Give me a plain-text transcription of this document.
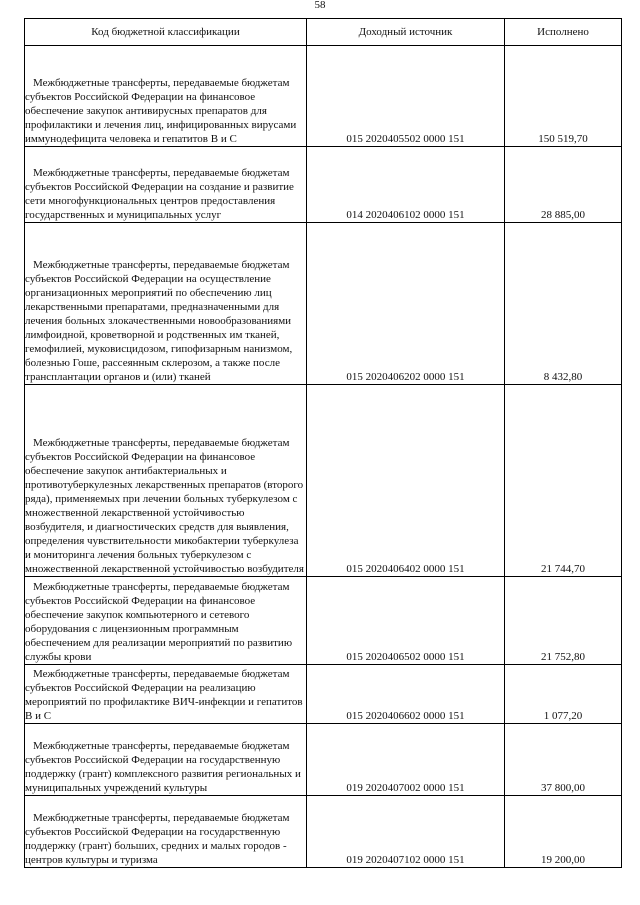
58
Код бюджетной классификации	Доходный источник	Исполнено

Межбюджетные трансферты, передаваемые бюджетам субъектов Российской Федерации на финансовое обеспечение закупок антивирусных препаратов для профилактики и лечения лиц, инфицированных вирусами иммунодефицита человека и гепатитов В и С	015 2020405502 0000 151	150 519,70

Межбюджетные трансферты, передаваемые бюджетам субъектов Российской Федерации на создание и развитие сети многофункциональных центров предоставления государственных и муниципальных услуг	014 2020406102 0000 151	28 885,00

Межбюджетные трансферты, передаваемые бюджетам субъектов Российской Федерации на осуществление организационных мероприятий по обеспечению лиц лекарственными препаратами, предназначенными для лечения больных злокачественными новообразованиями лимфоидной, кроветворной и родственных им тканей, гемофилией, муковисцидозом, гипофизарным нанизмом, болезнью Гоше, рассеянным склерозом, а также после трансплантации органов и (или) тканей	015 2020406202 0000 151	8 432,80

Межбюджетные трансферты, передаваемые бюджетам субъектов Российской Федерации на финансовое обеспечение закупок антибактериальных и противотуберкулезных лекарственных препаратов (второго ряда), применяемых при лечении больных туберкулезом с множественной лекарственной устойчивостью возбудителя, и диагностических средств для выявления, определения чувствительности микобактерии туберкулеза и мониторинга лечения больных туберкулезом с множественной лекарственной устойчивостью возбудителя	015 2020406402 0000 151	21 744,70

Межбюджетные трансферты, передаваемые бюджетам субъектов Российской Федерации на финансовое обеспечение закупок компьютерного и сетевого оборудования с лицензионным программным обеспечением для реализации мероприятий по развитию службы крови	015 2020406502 0000 151	21 752,80

Межбюджетные трансферты, передаваемые бюджетам субъектов Российской Федерации на реализацию мероприятий по профилактике ВИЧ-инфекции и гепатитов В и С	015 2020406602 0000 151	1 077,20

Межбюджетные трансферты, передаваемые бюджетам субъектов Российской Федерации на государственную поддержку (грант) комплексного развития региональных и муниципальных учреждений культуры	019 2020407002 0000 151	37 800,00

Межбюджетные трансферты, передаваемые бюджетам субъектов Российской Федерации на государственную поддержку (грант) больших, средних и малых городов - центров культуры и туризма	019 2020407102 0000 151	19 200,00
